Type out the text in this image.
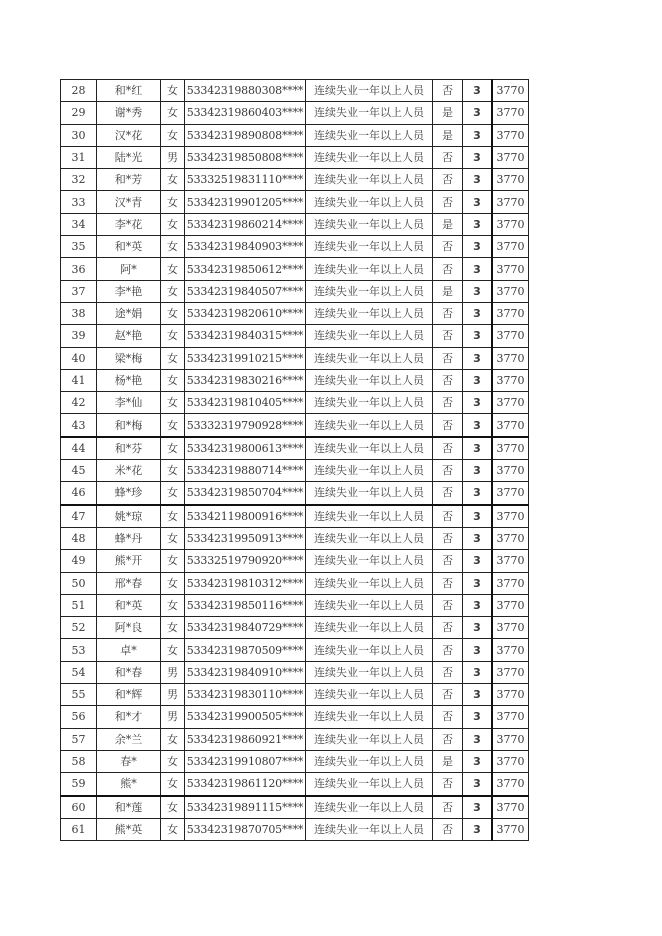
28	和*红	女	53342319880308****	连续失业一年以上人员	否	3	3770
29	谢*秀	女	53342319860403****	连续失业一年以上人员	是	3	3770
30	汉*花	女	53342319890808****	连续失业一年以上人员	是	3	3770
31	陆*光	男	53342319850808****	连续失业一年以上人员	否	3	3770
32	和*芳	女	53332519831110****	连续失业一年以上人员	否	3	3770
33	汉*青	女	53342319901205****	连续失业一年以上人员	否	3	3770
34	李*花	女	53342319860214****	连续失业一年以上人员	是	3	3770
35	和*英	女	53342319840903****	连续失业一年以上人员	否	3	3770
36	阿*	女	53342319850612****	连续失业一年以上人员	否	3	3770
37	李*艳	女	53342319840507****	连续失业一年以上人员	是	3	3770
38	途*娟	女	53342319820610****	连续失业一年以上人员	否	3	3770
39	赵*艳	女	53342319840315****	连续失业一年以上人员	否	3	3770
40	梁*梅	女	53342319910215****	连续失业一年以上人员	否	3	3770
41	杨*艳	女	53342319830216****	连续失业一年以上人员	否	3	3770
42	李*仙	女	53342319810405****	连续失业一年以上人员	否	3	3770
43	和*梅	女	53332319790928****	连续失业一年以上人员	否	3	3770
44	和*芬	女	53342319800613****	连续失业一年以上人员	否	3	3770
45	米*花	女	53342319880714****	连续失业一年以上人员	否	3	3770
46	蜂*珍	女	53342319850704****	连续失业一年以上人员	否	3	3770
47	姚*琼	女	53342119800916****	连续失业一年以上人员	否	3	3770
48	蜂*丹	女	53342319950913****	连续失业一年以上人员	否	3	3770
49	熊*开	女	53332519790920****	连续失业一年以上人员	否	3	3770
50	邢*春	女	53342319810312****	连续失业一年以上人员	否	3	3770
51	和*英	女	53342319850116****	连续失业一年以上人员	否	3	3770
52	阿*良	女	53342319840729****	连续失业一年以上人员	否	3	3770
53	卓*	女	53342319870509****	连续失业一年以上人员	否	3	3770
54	和*春	男	53342319840910****	连续失业一年以上人员	否	3	3770
55	和*辉	男	53342319830110****	连续失业一年以上人员	否	3	3770
56	和*才	男	53342319900505****	连续失业一年以上人员	否	3	3770
57	余*兰	女	53342319860921****	连续失业一年以上人员	否	3	3770
58	春*	女	53342319910807****	连续失业一年以上人员	是	3	3770
59	熊*	女	53342319861120****	连续失业一年以上人员	否	3	3770
60	和*莲	女	53342319891115****	连续失业一年以上人员	否	3	3770
61	熊*英	女	53342319870705****	连续失业一年以上人员	否	3	3770
